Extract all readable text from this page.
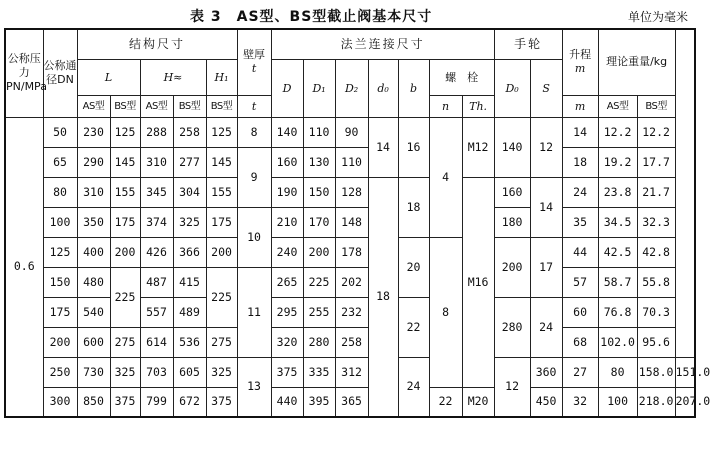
表 3　AS型、BS型截止阀基本尺寸	单位为毫米
公称压力PN/MPa	公称通径DN	结构尺寸					壁厚
t	法兰连接尺寸							手轮		升程
m	理论重量/kg		
		L		H≈		H₁		D	D₁	D₂	d₀	b	螺　栓		D₀	S				
		AS型	BS型	AS型	BS型	BS型	t						n	Th.			m	AS型	BS型	
0.6	50	230	125	288	258	125	8	140	110	90	14	16	4	M12	140	12	14	12.2	12.2	
	65	290	145	310	277	145	9	160	130	110							18	19.2	17.7	
	80	310	155	345	304	155		190	150	128	18	18		M16	160	14	24	23.8	21.7	
	100	350	175	374	325	175	10	210	170	148					180		35	34.5	32.3	
	125	400	200	426	366	200		240	200	178		20	8		200	17	44	42.5	42.8	
	150	480	225	487	415	225	11	265	225	202							57	58.7	55.8	
	175	540		557	489			295	255	232		22			280	24	60	76.8	70.3	
	200	600	275	614	536	275		320	280	258							68	102.0	95.6	
	250	730	325	703	605	325	13	375	335	312		24			12	360	27	80	158.0	151.0
	300	850	375	799	672	375		440	395	365			22	M20		450	32	100	218.0	207.0
